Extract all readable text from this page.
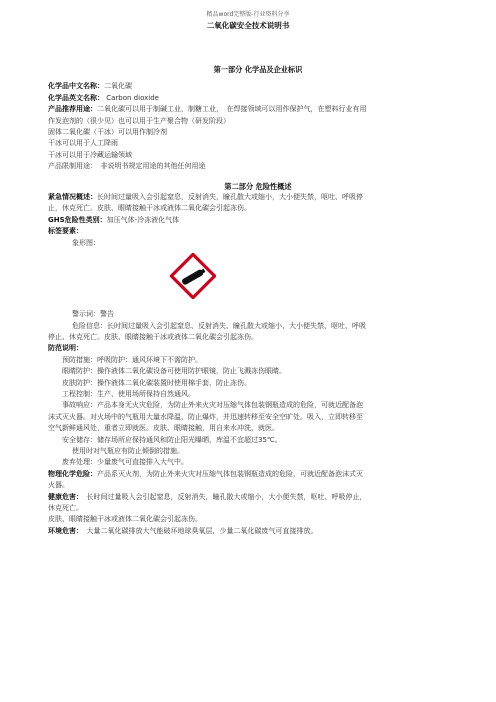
精品word完整版-行业资料分享
二氧化碳安全技术说明书

第一部分 化学品及企业标识

化学品中文名称：二氧化碳

化学品英文名称： Carbon dioxide

产品推荐用途：二氧化碳可以用于制碱工业，制糖工业，　在焊接领域可以用作保护气，在塑料行业有用

作发泡剂的（很少见）也可以用于生产聚合物（研发阶段）

固体二氧化碳（干冰）可以用作制冷剂

干冰可以用于人工降雨

干冰可以用于冷藏运输领域

产品限制用途：　非说明书规定用途的其他任何用途

第二部分 危险性概述

紧急情况概述：长时间过量吸入会引起窒息，反射消失，瞳孔散大或缩小，大小便失禁，呕吐、呼吸停

止，休克死亡。皮肤、眼睛接触干冰或液体二氧化碳会引起冻伤。

GHS危险性类别：加压气体-冷冻液化气体

标签要素：

象形图：

警示词：警告

危险信息：长时间过量吸入会引起窒息、反射消失、瞳孔散大或缩小、大小便失禁、呕吐、呼吸

停止、休克死亡。皮肤、眼睛接触干冰或液体二氧化碳会引起冻伤。

防范说明：

预防措施：呼吸防护：通风环境下不需防护。

眼睛防护：操作液体二氧化碳设备可使用防护眼镜，防止飞溅冻伤眼睛。

皮肤防护：操作液体二氧化碳装置时使用棉手套，防止冻伤。

工程控制：生产、使用场所保持自然通风。

事故响应：产品本身无火灾危险，为防止外来火灾对压缩气体包装钢瓶造成的危险，可就近配备泡

沫式灭火器。对火场中的气瓶用大量水降温，防止爆炸，并迅速转移至安全空旷处。吸入，立即转移至

空气新鲜通风处，重者立即就医。皮肤、眼睛接触，用自来水冲洗，就医。

安全储存：储存场所应保持通风和防止阳光曝晒，库温不宜超过35℃。

使用时对气瓶应有防止倾倒的措施。

废弃处理：少量废气可直接排入大气中。

物理化学危险：产品系灭火剂，为防止外来火灾对压缩气体包装钢瓶造成的危险，可就近配备泡沫式灭

火器。

健康危害：　长时间过量吸入会引起窒息，反射消失，瞳孔散大或缩小，大小便失禁，呕吐、呼吸停止，

休克死亡。

皮肤、眼睛接触干冰或液体二氧化碳会引起冻伤。

环境危害：　大量二氧化碳排放大气能破坏地球臭氧层，少量二氧化碳废气可直接排放。
